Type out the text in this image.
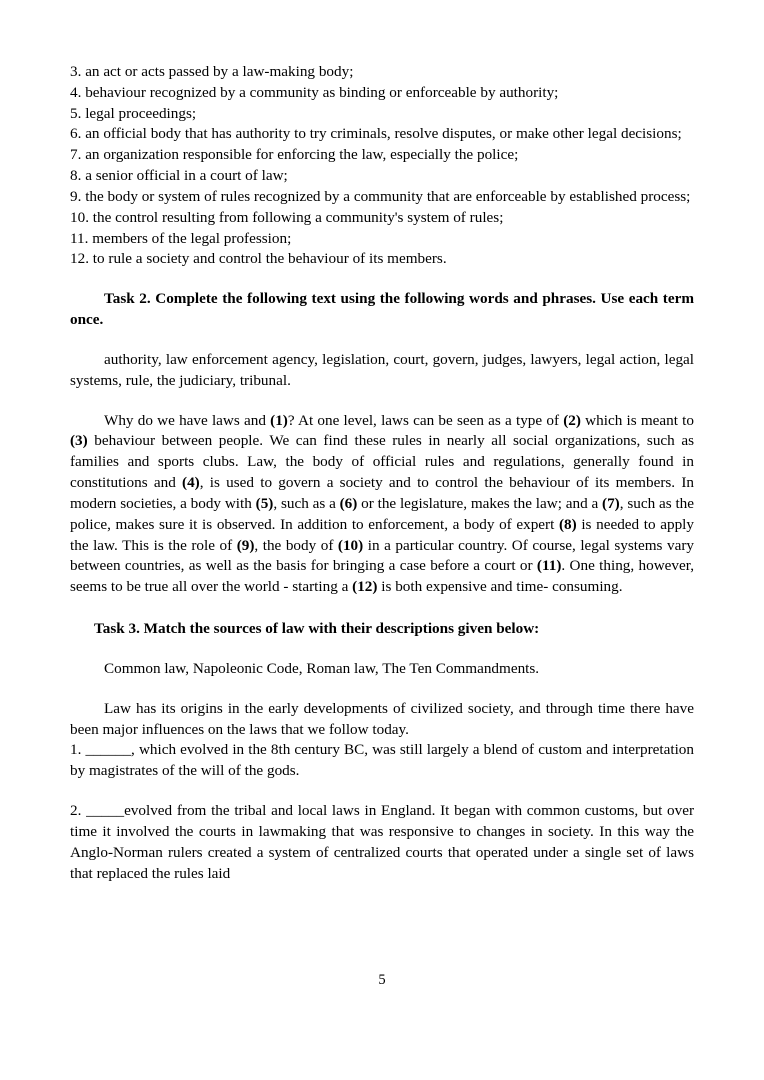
3. an act or acts passed by a law-making body;

4. behaviour recognized by a community as binding or enforceable by authority;

5. legal proceedings;

6. an official body that has authority to try criminals, resolve disputes, or make other legal decisions;

7. an organization responsible for enforcing the law, especially the police;

8. a senior official in a court of law;

9. the body or system of rules recognized by a community that are enforceable by established process;

10. the control resulting from following a community's system of rules;

11. members of the legal profession;

12. to rule a society and control the behaviour of its members.

Task 2. Complete the following text using the following words and phrases. Use each term once.

authority, law enforcement agency, legislation, court, govern, judges, lawyers, legal action, legal systems, rule, the judiciary, tribunal.

Why do we have laws and (1)? At one level, laws can be seen as a type of (2) which is meant to (3) behaviour between people. We can find these rules in nearly all social organizations, such as families and sports clubs. Law, the body of official rules and regulations, generally found in constitutions and (4), is used to govern a society and to control the behaviour of its members. In modern societies, a body with (5), such as a (6) or the legislature, makes the law; and a (7), such as the police, makes sure it is observed. In addition to enforcement, a body of expert (8) is needed to apply the law. This is the role of (9), the body of (10) in a particular country. Of course, legal systems vary between countries, as well as the basis for bringing a case before a court or (11). One thing, however, seems to be true all over the world - starting a (12) is both expensive and time- consuming.

Task 3. Match the sources of law with their descriptions given below:

Common law, Napoleonic Code, Roman law, The Ten Commandments.

Law has its origins in the early developments of civilized society, and through time there have been major influences on the laws that we follow today.

1. ______, which evolved in the 8th century BC, was still largely a blend of custom and interpretation by magistrates of the will of the gods.

2. _____evolved from the tribal and local laws in England. It began with common customs, but over time it involved the courts in lawmaking that was responsive to changes in society. In this way the Anglo-Norman rulers created a system of centralized courts that operated under a single set of laws that replaced the rules laid

5
